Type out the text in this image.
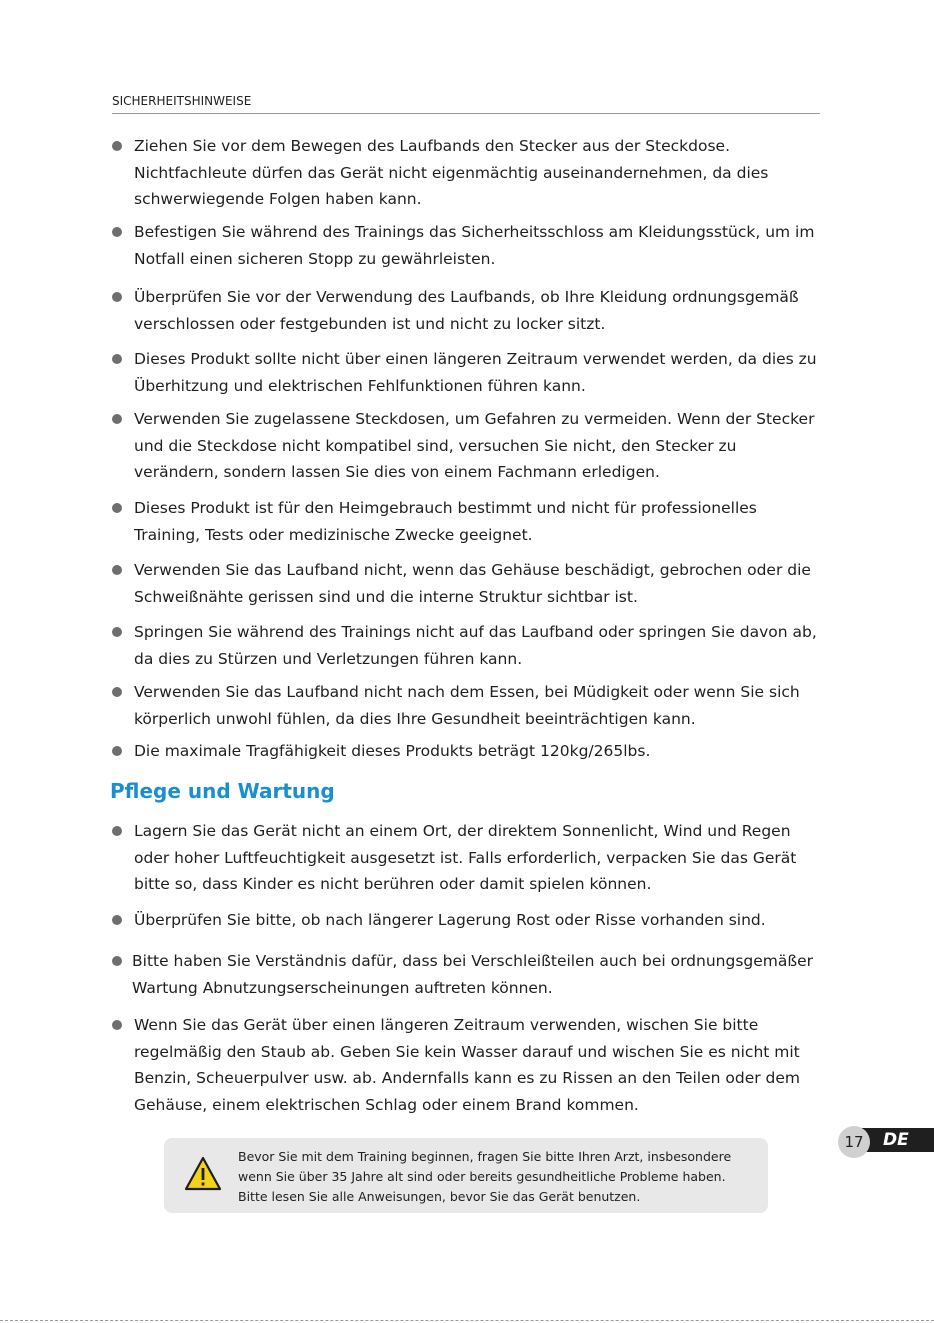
SICHERHEITSHINWEISE
Ziehen Sie vor dem Bewegen des Laufbands den Stecker aus der Steckdose. Nichtfachleute dürfen das Gerät nicht eigenmächtig auseinandernehmen, da dies schwerwiegende Folgen haben kann.
Befestigen Sie während des Trainings das Sicherheitsschloss am Kleidungsstück, um im Notfall einen sicheren Stopp zu gewährleisten.
Überprüfen Sie vor der Verwendung des Laufbands, ob Ihre Kleidung ordnungsgemäß verschlossen oder festgebunden ist und nicht zu locker sitzt.
Dieses Produkt sollte nicht über einen längeren Zeitraum verwendet werden, da dies zu Überhitzung und elektrischen Fehlfunktionen führen kann.
Verwenden Sie zugelassene Steckdosen, um Gefahren zu vermeiden. Wenn der Stecker und die Steckdose nicht kompatibel sind, versuchen Sie nicht, den Stecker zu verändern, sondern lassen Sie dies von einem Fachmann erledigen.
Dieses Produkt ist für den Heimgebrauch bestimmt und nicht für professionelles Training, Tests oder medizinische Zwecke geeignet.
Verwenden Sie das Laufband nicht, wenn das Gehäuse beschädigt, gebrochen oder die Schweißnähte gerissen sind und die interne Struktur sichtbar ist.
Springen Sie während des Trainings nicht auf das Laufband oder springen Sie davon ab, da dies zu Stürzen und Verletzungen führen kann.
Verwenden Sie das Laufband nicht nach dem Essen, bei Müdigkeit oder wenn Sie sich körperlich unwohl fühlen, da dies Ihre Gesundheit beeinträchtigen kann.
Die maximale Tragfähigkeit dieses Produkts beträgt 120kg/265lbs.
Pflege und Wartung
Lagern Sie das Gerät nicht an einem Ort, der direktem Sonnenlicht, Wind und Regen oder hoher Luftfeuchtigkeit ausgesetzt ist. Falls erforderlich, verpacken Sie das Gerät bitte so, dass Kinder es nicht berühren oder damit spielen können.
Überprüfen Sie bitte, ob nach längerer Lagerung Rost oder Risse vorhanden sind.
Bitte haben Sie Verständnis dafür, dass bei Verschleißteilen auch bei ordnungsgemäßer Wartung Abnutzungserscheinungen auftreten können.
Wenn Sie das Gerät über einen längeren Zeitraum verwenden, wischen Sie bitte regelmäßig den Staub ab. Geben Sie kein Wasser darauf und wischen Sie es nicht mit Benzin, Scheuerpulver usw. ab. Andernfalls kann es zu Rissen an den Teilen oder dem Gehäuse, einem elektrischen Schlag oder einem Brand kommen.
17	DE
Bevor Sie mit dem Training beginnen, fragen Sie bitte Ihren Arzt, insbesondere
wenn Sie über 35 Jahre alt sind oder bereits gesundheitliche Probleme haben.
Bitte lesen Sie alle Anweisungen, bevor Sie das Gerät benutzen.
